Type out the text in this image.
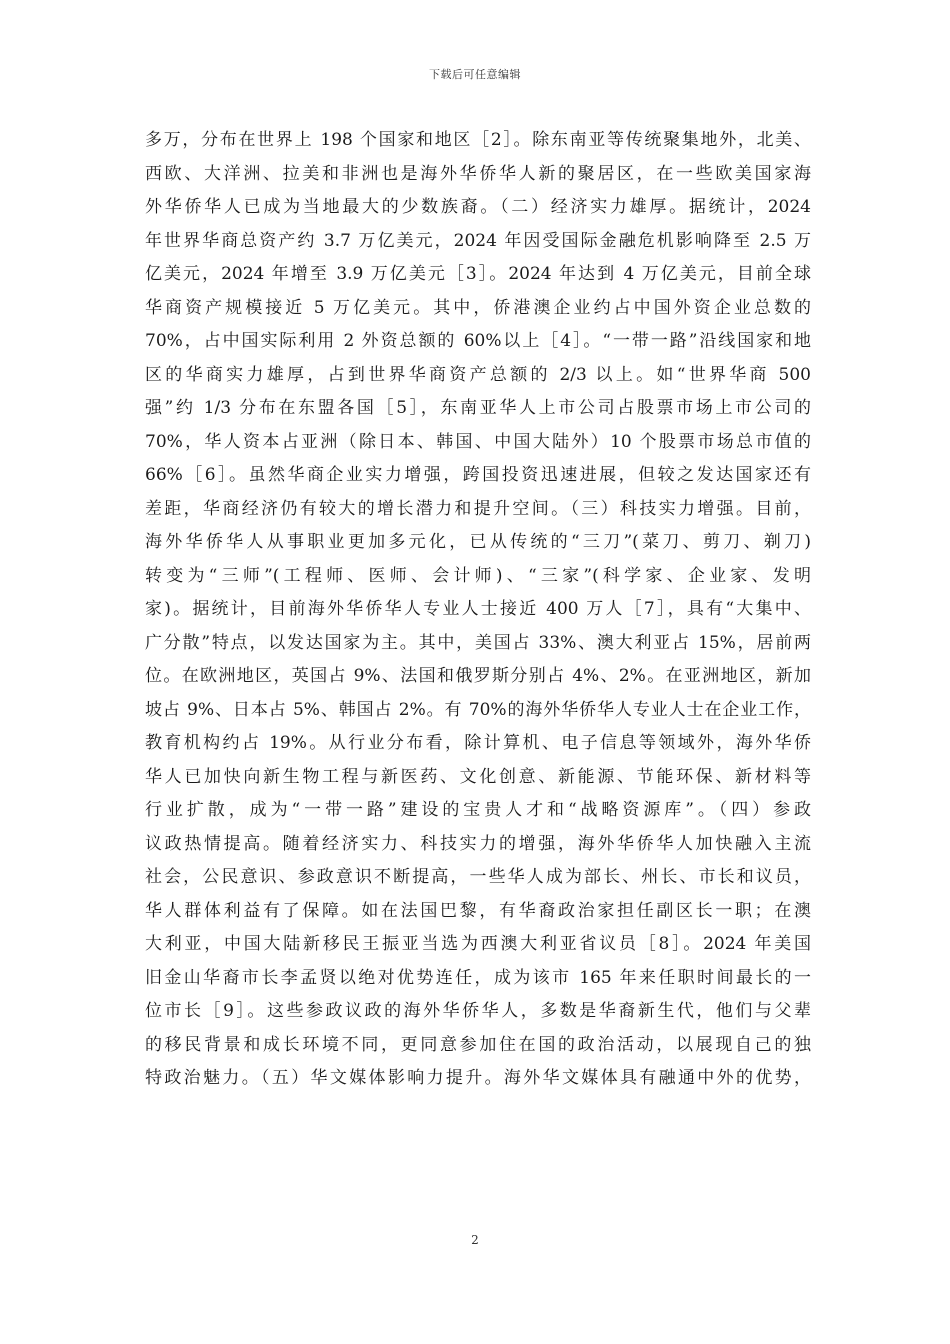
下载后可任意编辑
多万，分布在世界上 198 个国家和地区［2］。除东南亚等传统聚集地外，北美、
西欧、大洋洲、拉美和非洲也是海外华侨华人新的聚居区，在一些欧美国家海
外华侨华人已成为当地最大的少数族裔。（二）经济实力雄厚。据统计，2024
年世界华商总资产约 3.7 万亿美元，2024 年因受国际金融危机影响降至 2.5 万
亿美元，2024 年增至 3.9 万亿美元［3］。2024 年达到 4 万亿美元，目前全球
华商资产规模接近 5 万亿美元。其中，侨港澳企业约占中国外资企业总数的
70%，占中国实际利用 2 外资总额的 60%以上［4］。“一带一路”沿线国家和地
区的华商实力雄厚，占到世界华商资产总额的 2/3 以上。如“世界华商 500
强”约 1/3 分布在东盟各国［5］，东南亚华人上市公司占股票市场上市公司的
70%，华人资本占亚洲（除日本、韩国、中国大陆外）10 个股票市场总市值的
66%［6］。虽然华商企业实力增强，跨国投资迅速进展，但较之发达国家还有
差距，华商经济仍有较大的增长潜力和提升空间。（三）科技实力增强。目前，
海外华侨华人从事职业更加多元化，已从传统的“三刀”(菜刀、剪刀、剃刀)
转变为“三师”(工程师、医师、会计师)、“三家”(科学家、企业家、发明
家)。据统计，目前海外华侨华人专业人士接近 400 万人［7］，具有“大集中、
广分散”特点，以发达国家为主。其中，美国占 33%、澳大利亚占 15%，居前两
位。在欧洲地区，英国占 9%、法国和俄罗斯分别占 4%、2%。在亚洲地区，新加
坡占 9%、日本占 5%、韩国占 2%。有 70%的海外华侨华人专业人士在企业工作，
教育机构约占 19%。从行业分布看，除计算机、电子信息等领域外，海外华侨
华人已加快向新生物工程与新医药、文化创意、新能源、节能环保、新材料等
行业扩散，成为“一带一路”建设的宝贵人才和“战略资源库”。（四）参政
议政热情提高。随着经济实力、科技实力的增强，海外华侨华人加快融入主流
社会，公民意识、参政意识不断提高，一些华人成为部长、州长、市长和议员，
华人群体利益有了保障。如在法国巴黎，有华裔政治家担任副区长一职；在澳
大利亚，中国大陆新移民王振亚当选为西澳大利亚省议员［8］。2024 年美国
旧金山华裔市长李孟贤以绝对优势连任，成为该市 165 年来任职时间最长的一
位市长［9］。这些参政议政的海外华侨华人，多数是华裔新生代，他们与父辈
的移民背景和成长环境不同，更同意参加住在国的政治活动，以展现自己的独
特政治魅力。（五）华文媒体影响力提升。海外华文媒体具有融通中外的优势，
2
